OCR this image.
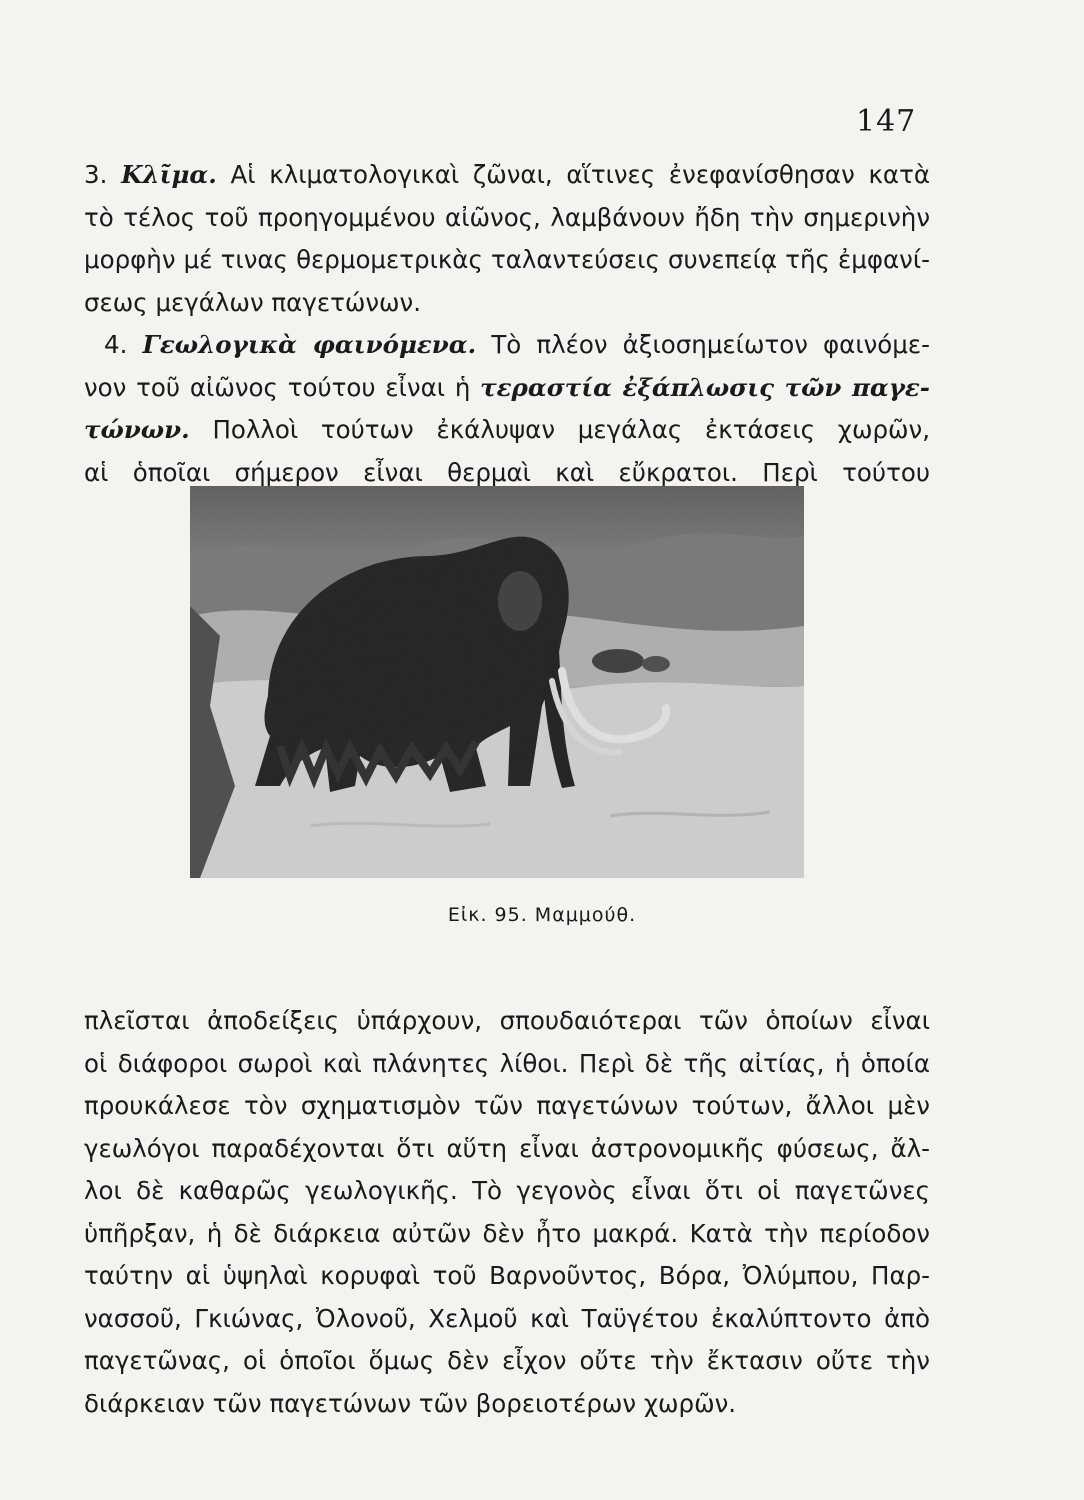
147
3. Κλῖμα. Αἱ κλιματολογικαὶ ζῶναι, αἵτινες ἐνεφανίσθησαν κατὰ
τὸ τέλος τοῦ προηγομμένου αἰῶνος, λαμβάνουν ἤδη τὴν σημερινὴν
μορφὴν μέ τινας θερμομετρικὰς ταλαντεύσεις συνεπείᾳ τῆς ἐμφανί-
σεως μεγάλων παγετώνων.
4. Γεωλογικὰ φαινόμενα. Τὸ πλέον ἀξιοσημείωτον φαινόμε-
νον τοῦ αἰῶνος τούτου εἶναι ἡ τεραστία ἐξάπλωσις τῶν παγε-
τώνων. Πολλοὶ τούτων ἐκάλυψαν μεγάλας ἐκτάσεις χωρῶν,
αἱ ὁποῖαι σήμερον εἶναι θερμαὶ καὶ εὔκρατοι. Περὶ τούτου
Εἰκ. 95. Μαμμούθ.
πλεῖσται ἀποδείξεις ὑπάρχουν, σπουδαιότεραι τῶν ὁποίων εἶναι
οἱ διάφοροι σωροὶ καὶ πλάνητες λίθοι. Περὶ δὲ τῆς αἰτίας, ἡ ὁποία
προυκάλεσε τὸν σχηματισμὸν τῶν παγετώνων τούτων, ἄλλοι μὲν
γεωλόγοι παραδέχονται ὅτι αὕτη εἶναι ἀστρονομικῆς φύσεως, ἄλ-
λοι δὲ καθαρῶς γεωλογικῆς. Τὸ γεγονὸς εἶναι ὅτι οἱ παγετῶνες
ὑπῆρξαν, ἡ δὲ διάρκεια αὐτῶν δὲν ἦτο μακρά. Κατὰ τὴν περίοδον
ταύτην αἱ ὑψηλαὶ κορυφαὶ τοῦ Βαρνοῦντος, Βόρα, Ὀλύμπου, Παρ-
νασσοῦ, Γκιώνας, Ὀλονοῦ, Χελμοῦ καὶ Ταϋγέτου ἐκαλύπτοντο ἀπὸ
παγετῶνας, οἱ ὁποῖοι ὅμως δὲν εἶχον οὔτε τὴν ἔκτασιν οὔτε τὴν
διάρκειαν τῶν παγετώνων τῶν βορειοτέρων χωρῶν.
